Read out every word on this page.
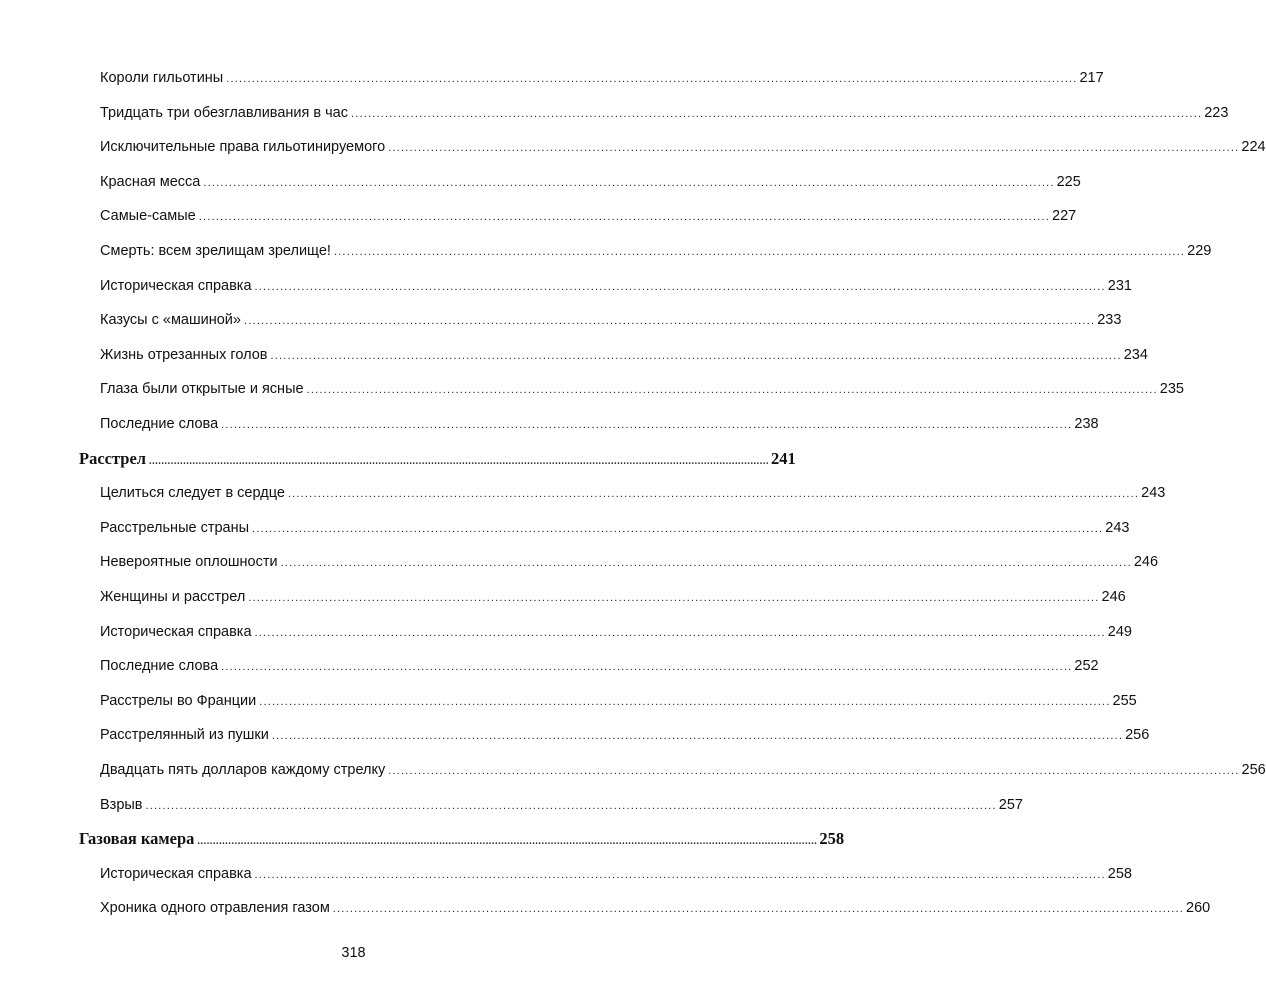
Короли гильотины ........................................................................................................................................................................................................ 217
Тридцать три обезглавливания в час ........................................................................................................................................................................................................ 223
Исключительные права гильотинируемого ........................................................................................................................................................................................................ 224
Красная месса ........................................................................................................................................................................................................ 225
Самые-самые ........................................................................................................................................................................................................ 227
Смерть: всем зрелищам зрелище! ........................................................................................................................................................................................................ 229
Историческая справка ........................................................................................................................................................................................................ 231
Казусы с «машиной» ........................................................................................................................................................................................................ 233
Жизнь отрезанных голов ........................................................................................................................................................................................................ 234
Глаза были открытые и ясные ........................................................................................................................................................................................................ 235
Последние слова ........................................................................................................................................................................................................ 238
Расстрел ........................................................................................................................................................................................................ 241
Целиться следует в сердце ........................................................................................................................................................................................................ 243
Расстрельные страны ........................................................................................................................................................................................................ 243
Невероятные оплошности ........................................................................................................................................................................................................ 246
Женщины и расстрел ........................................................................................................................................................................................................ 246
Историческая справка ........................................................................................................................................................................................................ 249
Последние слова ........................................................................................................................................................................................................ 252
Расстрелы во Франции ........................................................................................................................................................................................................ 255
Расстрелянный из пушки ........................................................................................................................................................................................................ 256
Двадцать пять долларов каждому стрелку ........................................................................................................................................................................................................ 256
Взрыв ........................................................................................................................................................................................................ 257
Газовая камера ........................................................................................................................................................................................................ 258
Историческая справка ........................................................................................................................................................................................................ 258
Хроника одного отравления газом ........................................................................................................................................................................................................ 260
318
